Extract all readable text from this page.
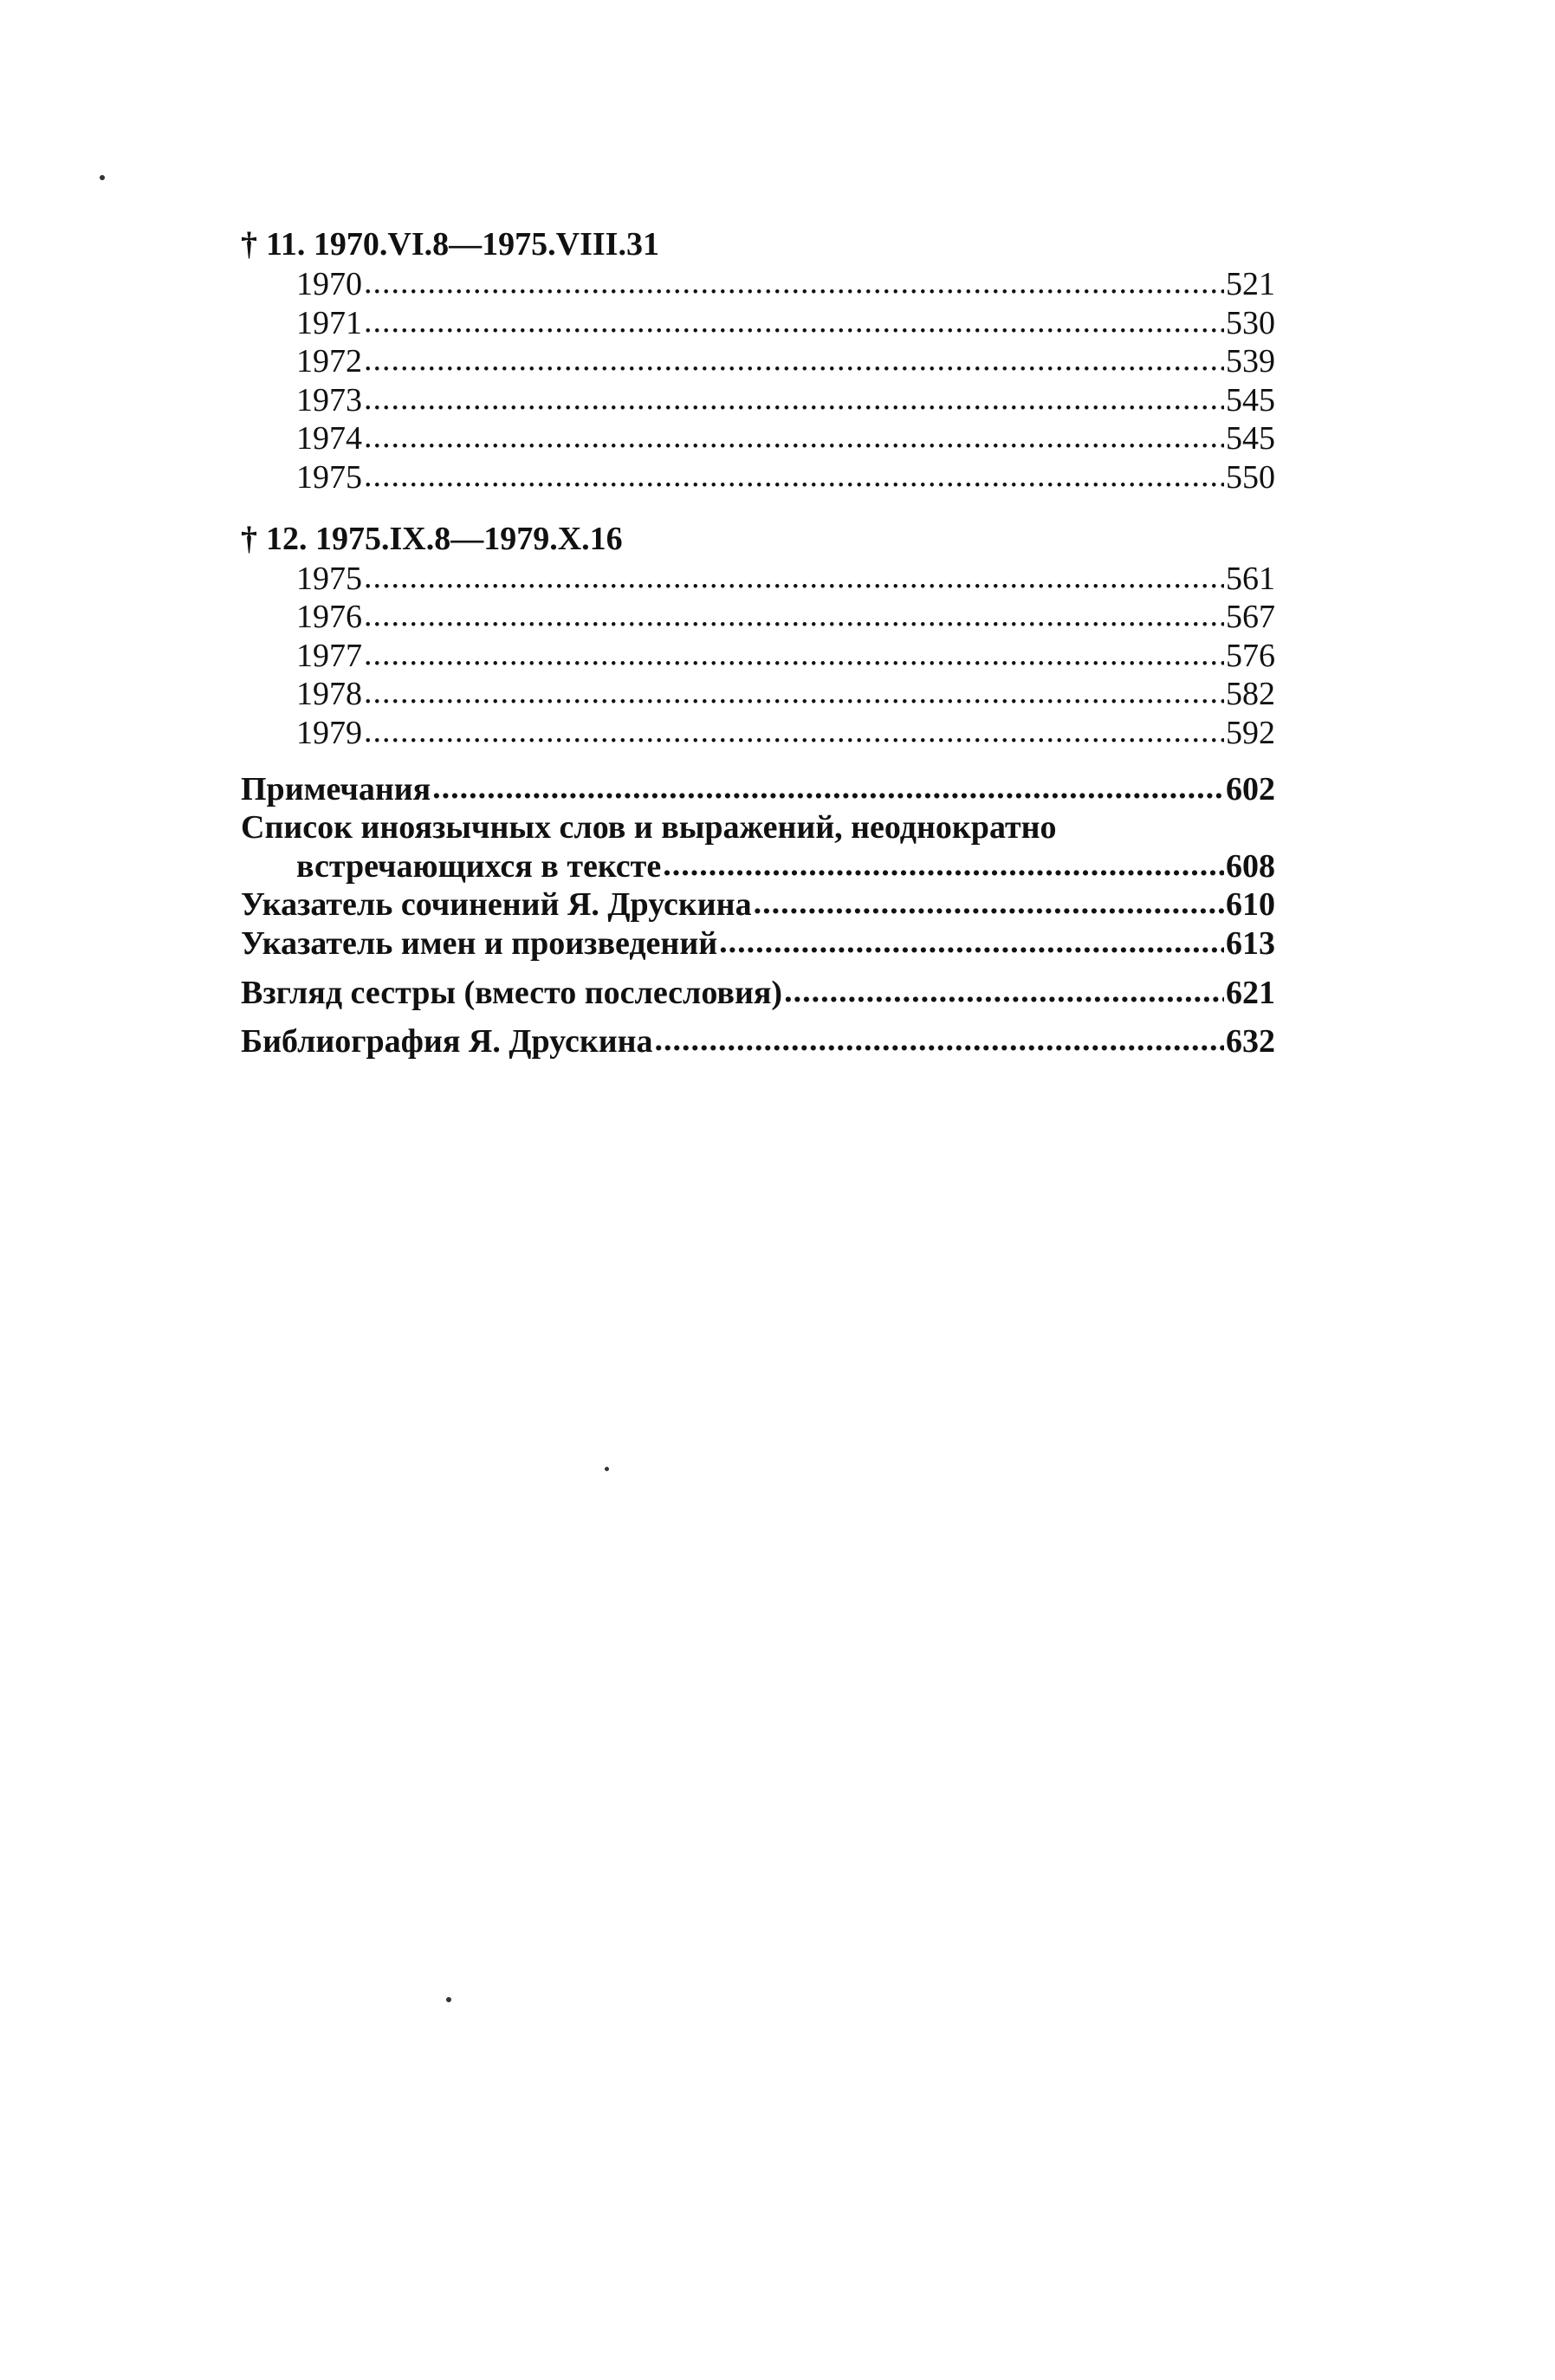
† 11. 1970.VI.8—1975.VIII.31
1970 .....	521
1971 .....	530
1972 .....	539
1973 .....	545
1974 .....	545
1975 .....	550
† 12. 1975.IX.8—1979.X.16
1975 .....	561
1976 .....	567
1977 .....	576
1978 .....	582
1979 .....	592
Примечания .....	602
Список иноязычных слов и выражений, неоднократно
встречающихся в тексте .....	608
Указатель сочинений Я. Друскина .....	610
Указатель имен и произведений .....	613
Взгляд сестры (вместо послесловия) .....	621
Библиография Я. Друскина .....	632
